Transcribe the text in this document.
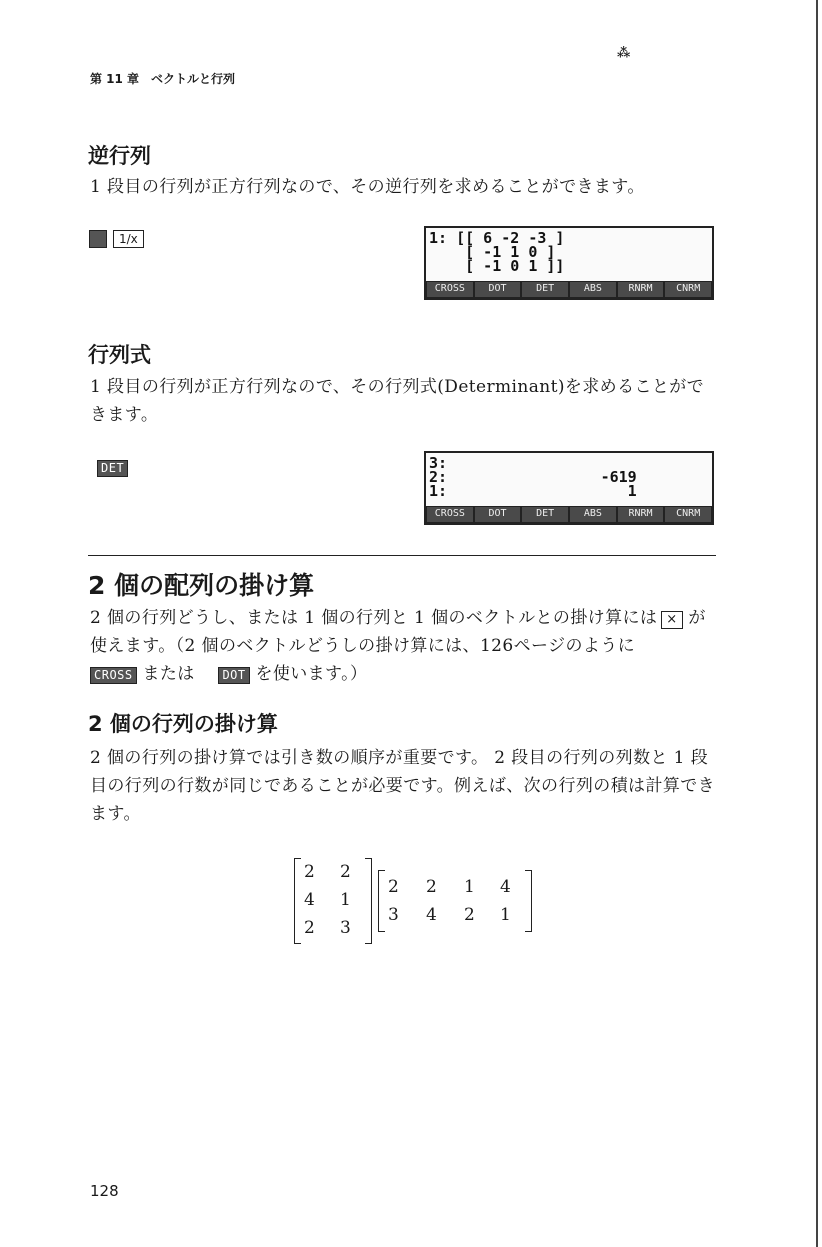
⁂
第 11 章　ベクトルと行列
逆行列
1 段目の行列が正方行列なので、その逆行列を求めることができます。
1/x	1: [[ 6 -2 -3 ]
[ -1 1 0 ]
[ -1 0 1 ]]
CROSS	DOT	DET	ABS	RNRM	CNRM
行列式
1 段目の行列が正方行列なので、その行列式(Determinant)を求めることができます。
DET	3:
2:                 -619
1:                    1
CROSS	DOT	DET	ABS	RNRM	CNRM
2 個の配列の掛け算
2 個の行列どうし、または 1 個の行列と 1 個のベクトルとの掛け算には × が使えます。（2 個のベクトルどうしの掛け算には、126ページのように
CROSS または DOT を使います。）
2 個の行列の掛け算
2 個の行列の掛け算では引き数の順序が重要です。 2 段目の行列の列数と 1 段目の行列の行数が同じであることが必要です。例えば、次の行列の積は計算できます。
2	2
4	1
2	3
2	2	1	4
3	4	2	1
128
